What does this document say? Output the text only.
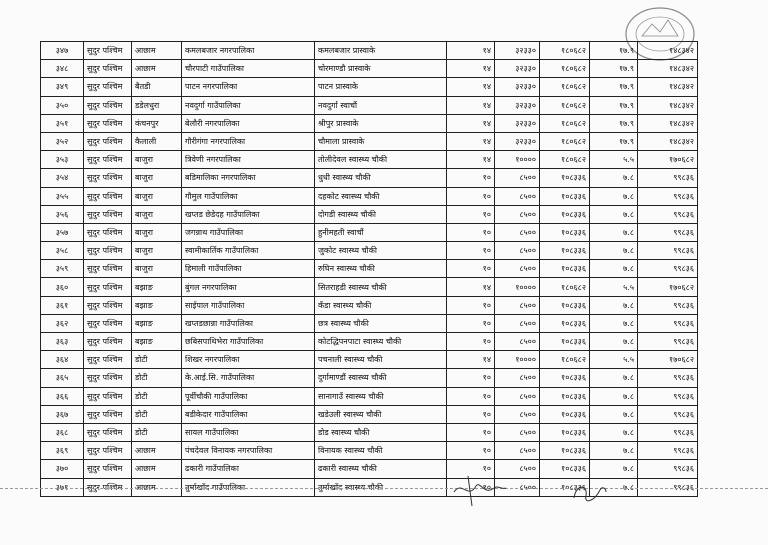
३४७	सुदुर पश्चिम	आछाम	कमलबजार नगरपालिका	कमलबजार प्रास्वाके	१४	३२३३०	१८०६८२	१७.९	१४८३४२
३४८	सुदुर पश्चिम	आछाम	चौरपाटी गाउँपालिका	चोरमाण्डौ प्रास्वाके	१४	३२३३०	१८०६८२	१७.९	१४८३४२
३४९	सुदुर पश्चिम	बैतडी	पाटन नगरपालिका	पाटन प्रास्वाके	१४	३२३३०	१८०६८२	१७.९	१४८३४२
३५०	सुदुर पश्चिम	डडेलधुरा	नवदुर्गा गाउँपालिका	नवदुर्गा स्वाचौं	१४	३२३३०	१८०६८२	१७.९	१४८३४२
३५१	सुदुर पश्चिम	कंचनपुर	बेलौरी नगरपालिका	श्रीपुर प्रास्वाके	१४	३२३३०	१८०६८२	१७.९	१४८३४२
३५२	सुदुर पश्चिम	कैलाली	गौरीगंगा नगरपालिका	चौमाला प्रास्वाके	१४	३२३३०	१८०६८२	१७.९	१४८३४२
३५३	सुदुर पश्चिम	बाजुरा	त्रिवेणी नगरपालिका	तोलीदेवल स्वास्थ्य चौकी	१४	१००००	१८०६८२	५.५	१७०६८२
३५४	सुदुर पश्चिम	बाजुरा	बडिमालिका नगरपालिका	धुधी स्वास्थ्य चौकी	१०	८५००	१०८३३६	७.८	९९८३६
३५५	सुदुर पश्चिम	बाजुरा	गौमुल गाउँपालिका	दहकोट स्वास्थ्य चौकी	१०	८५००	१०८३३६	७.८	९९८३६
३५६	सुदुर पश्चिम	बाजुरा	खप्तड छेडेदह गाउँपालिका	दोगडी स्वास्थ्य चौकी	१०	८५००	१०८३३६	७.८	९९८३६
३५७	सुदुर पश्चिम	बाजुरा	जगन्नाथ गाउँपालिका	हुनीमहती स्वाचौं	१०	८५००	१०८३३६	७.८	९९८३६
३५८	सुदुर पश्चिम	बाजुरा	स्वामीकार्तिक गाउँपालिका	जुकोट स्वास्थ्य चौकी	१०	८५००	१०८३३६	७.८	९९८३६
३५९	सुदुर पश्चिम	बाजुरा	हिमाली गाउँपालिका	रुघिन स्वास्थ्य चौकी	१०	८५००	१०८३३६	७.८	९९८३६
३६०	सुदुर पश्चिम	बझाङ	बुंगल नगरपालिका	सितराहडी स्वास्थ्य चौकी	१४	१००००	१८०६८२	५.५	१७०६८२
३६१	सुदुर पश्चिम	बझाङ	साईपाल गाउँपालिका	कँडा स्वास्थ्य चौकी	१०	८५००	१०८३३६	७.८	९९८३६
३६२	सुदुर पश्चिम	बझाङ	खप्तडछान्ना गाउँपालिका	छत्र स्वास्थ्य चौकी	१०	८५००	१०८३३६	७.८	९९८३६
३६३	सुदुर पश्चिम	बझाङ	छबिसपाथिभेरा गाउँपालिका	कोटद्धिपनपाटा स्वास्थ्य चौकी	१०	८५००	१०८३३६	७.८	९९८३६
३६४	सुदुर पश्चिम	डोटी	शिखर नगरपालिका	पचनाली स्वास्थ्य चौकी	१४	१००००	१८०६८२	५.५	१७०६८२
३६५	सुदुर पश्चिम	डोटी	के.आई.सि. गाउँपालिका	दुर्गामाण्डौं स्वास्थ्य चौकी	१०	८५००	१०८३३६	७.८	९९८३६
३६६	सुदुर पश्चिम	डोटी	पूर्वीचौकी गाउँपालिका	सानागाउँ स्वास्थ्य चौकी	१०	८५००	१०८३३६	७.८	९९८३६
३६७	सुदुर पश्चिम	डोटी	बडीकेदार गाउँपालिका	खडेउली स्वास्थ्य चौकी	१०	८५००	१०८३३६	७.८	९९८३६
३६८	सुदुर पश्चिम	डोटी	सायल गाउँपालिका	डोड स्वास्थ्य चौकी	१०	८५००	१०८३३६	७.८	९९८३६
३६९	सुदुर पश्चिम	आछाम	पंचदेवल विनायक नगरपालिका	विनायक स्वास्थ्य चौकी	१०	८५००	१०८३३६	७.८	९९८३६
३७०	सुदुर पश्चिम	आछाम	ढकारी गाउँपालिका	ढकारी स्वास्थ्य चौकी	१०	८५००	१०८३३६	७.८	९९८३६
३७१	सुदुर पश्चिम	आछाम	तुर्माखाँद गाउँपालिका	तुर्माखाँद स्वास्थ्य चौकी	१०	८५००	१०८३३६	७.८	९९८३६
